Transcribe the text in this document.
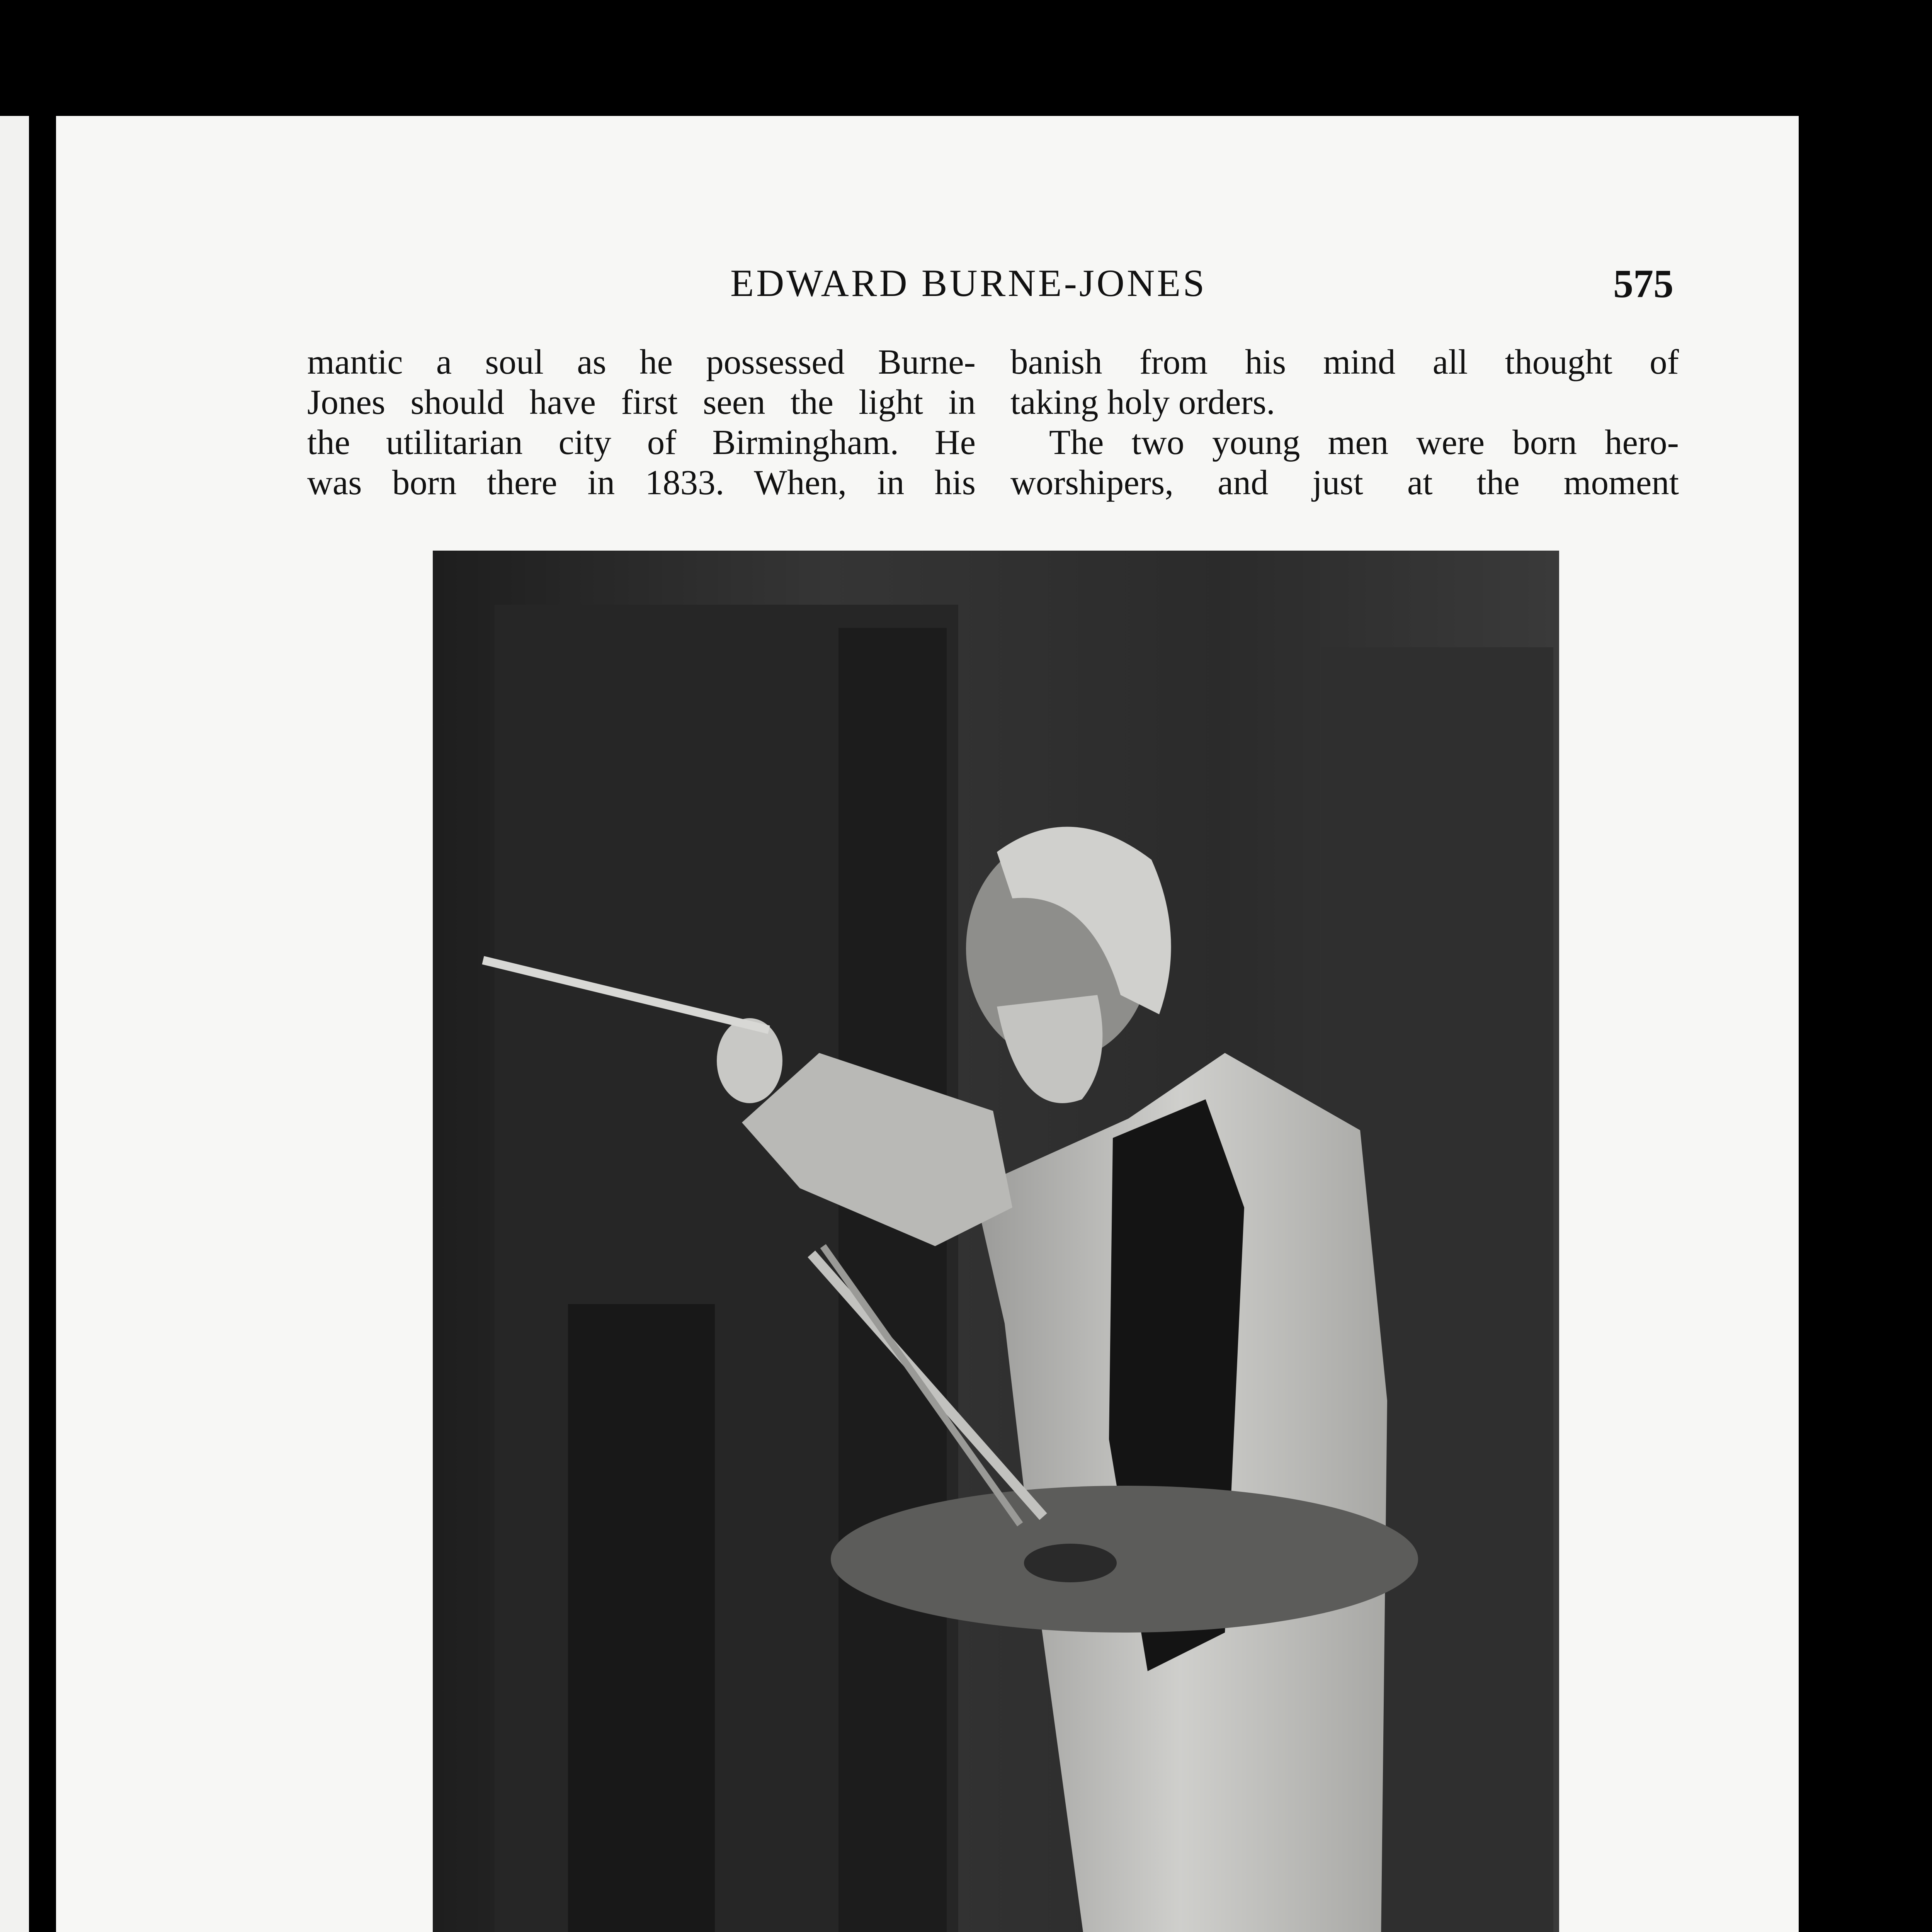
EDWARD BURNE-JONES	575
mantic a soul as he possessed Burne-
Jones should have first seen the light in
the utilitarian city of Birmingham. He
was born there in 1833. When, in his
banish from his mind all thought of
taking holy orders.
The two young men were born hero-
worshipers, and just at the moment
